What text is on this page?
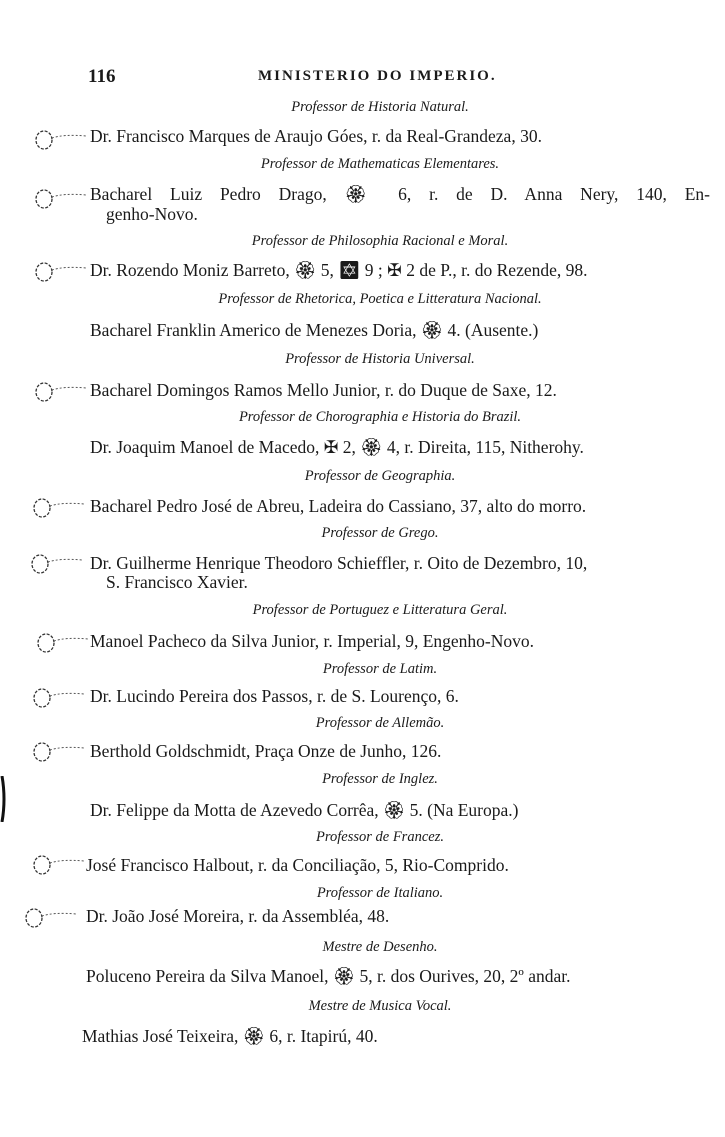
116	MINISTERIO DO IMPERIO.
Professor de Historia Natural.
Dr. Francisco Marques de Araujo Góes, r. da Real-Grandeza, 30.
Professor de Mathematicas Elementares.
Bacharel Luiz Pedro Drago, 🏵 6, r. de D. Anna Nery, 140, En-
genho-Novo.
Professor de Philosophia Racional e Moral.
Dr. Rozendo Moniz Barreto, 🏵 5, ✡ 9 ; ✠ 2 de P., r. do Rezende, 98.
Professor de Rhetorica, Poetica e Litteratura Nacional.
Bacharel Franklin Americo de Menezes Doria, 🏵 4. (Ausente.)
Professor de Historia Universal.
Bacharel Domingos Ramos Mello Junior, r. do Duque de Saxe, 12.
Professor de Chorographia e Historia do Brazil.
Dr. Joaquim Manoel de Macedo, ✠ 2, 🏵 4, r. Direita, 115, Nitherohy.
Professor de Geographia.
Bacharel Pedro José de Abreu, Ladeira do Cassiano, 37, alto do morro.
Professor de Grego.
Dr. Guilherme Henrique Theodoro Schieffler, r. Oito de Dezembro, 10,
S. Francisco Xavier.
Professor de Portuguez e Litteratura Geral.
Manoel Pacheco da Silva Junior, r. Imperial, 9, Engenho-Novo.
Professor de Latim.
Dr. Lucindo Pereira dos Passos, r. de S. Lourenço, 6.
Professor de Allemão.
Berthold Goldschmidt, Praça Onze de Junho, 126.
Professor de Inglez.
Dr. Felippe da Motta de Azevedo Corrêa, 🏵 5. (Na Europa.)
Professor de Francez.
José Francisco Halbout, r. da Conciliação, 5, Rio-Comprido.
Professor de Italiano.
Dr. João José Moreira, r. da Assembléa, 48.
Mestre de Desenho.
Poluceno Pereira da Silva Manoel, 🏵 5, r. dos Ourives, 20, 2º andar.
Mestre de Musica Vocal.
Mathias José Teixeira, 🏵 6, r. Itapirú, 40.
